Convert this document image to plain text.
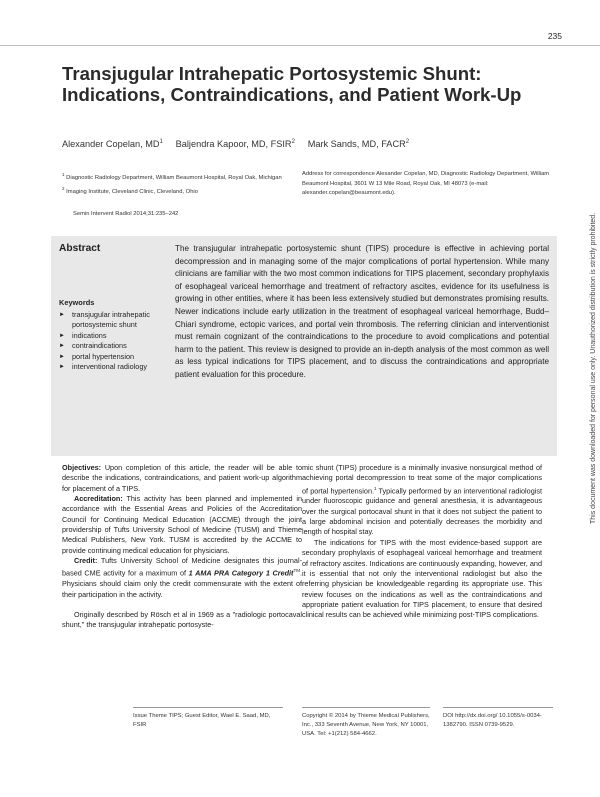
235
Transjugular Intrahepatic Portosystemic Shunt: Indications, Contraindications, and Patient Work-Up
Alexander Copelan, $MD^1$ Baljendra Kapoor, MD, FSIR$^2$ Mark Sands, MD, FACR$^2$
$^1$ Diagnostic Radiology Department, William Beaumont Hospital, Royal Oak, Michigan
$^2$ Imaging Institute, Cleveland Clinic, Cleveland, Ohio
Address for correspondence Alexander Copelan, MD, Diagnostic Radiology Department, William Beaumont Hospital, 3601 W 13 Mile Road, Royal Oak, MI 48073 (e-mail: alexander.copelan@beaumont.edu).
Semin Intervent Radiol 2014;31:235–242
Abstract
Keywords
► transjugular intrahepatic portosystemic shunt
► indications
► contraindications
► portal hypertension
► interventional radiology
The transjugular intrahepatic portosystemic shunt (TIPS) procedure is effective in achieving portal decompression and in managing some of the major complications of portal hypertension. While many clinicians are familiar with the two most common indications for TIPS placement, secondary prophylaxis of esophageal variceal hemorrhage and treatment of refractory ascites, evidence for its usefulness is growing in other entities, where it has been less extensively studied but demonstrates promising results. Newer indications include early utilization in the treatment of esophageal variceal hemorrhage, Budd–Chiari syndrome, ectopic varices, and portal vein thrombosis. The referring clinician and interventionist must remain cognizant of the contraindications to the procedure to avoid complications and potential harm to the patient. This review is designed to provide an in-depth analysis of the most common as well as less typical indications for TIPS placement, and to discuss the contraindications and appropriate patient evaluation for this procedure.

Objectives: Upon completion of this article, the reader will be able to describe the indications, contraindications, and patient work-up algorithm for placement of a TIPS.

Accreditation: This activity has been planned and implemented in accordance with the Essential Areas and Policies of the Accreditation Council for Continuing Medical Education (ACCME) through the joint providership of Tufts University School of Medicine (TUSM) and Thieme Medical Publishers, New York. TUSM is accredited by the ACCME to provide continuing medical education for physicians.

Credit: Tufts University School of Medicine designates this journal-based CME activity for a maximum of 1 AMA PRA Category 1 Credit™. Physicians should claim only the credit commensurate with the extent of their participation in the activity.

Originally described by Rösch et al in 1969 as a "radiologic portocaval shunt," the transjugular intrahepatic portosyste-

mic shunt (TIPS) procedure is a minimally invasive nonsurgical method of achieving portal decompression to treat some of the major complications of portal hypertension.$^1$ Typically performed by an interventional radiologist under fluoroscopic guidance and general anesthesia, it is advantageous over the surgical portocaval shunt in that it does not subject the patient to a large abdominal incision and potentially decreases the morbidity and length of hospital stay.

The indications for TIPS with the most evidence-based support are secondary prophylaxis of esophageal variceal hemorrhage and treatment of refractory ascites. Indications are continuously expanding, however, and it is essential that not only the interventional radiologist but also the referring physician be knowledgeable regarding its appropriate use. This review focuses on the indications as well as the contraindications and appropriate patient evaluation for TIPS placement, to ensure that desired clinical results can be achieved while minimizing post-TIPS complications.

Issue Theme TIPS; Guest Editor, Wael E. Saad, MD, FSIR
Copyright © 2014 by Thieme Medical Publishers, Inc., 333 Seventh Avenue, New York, NY 10001, USA. Tel: +1(212) 584-4662.
DOI http://dx.doi.org/ 10.1055/s-0034-1382790. ISSN 0739-9529.
This document was downloaded for personal use only. Unauthorized distribution is strictly prohibited.
